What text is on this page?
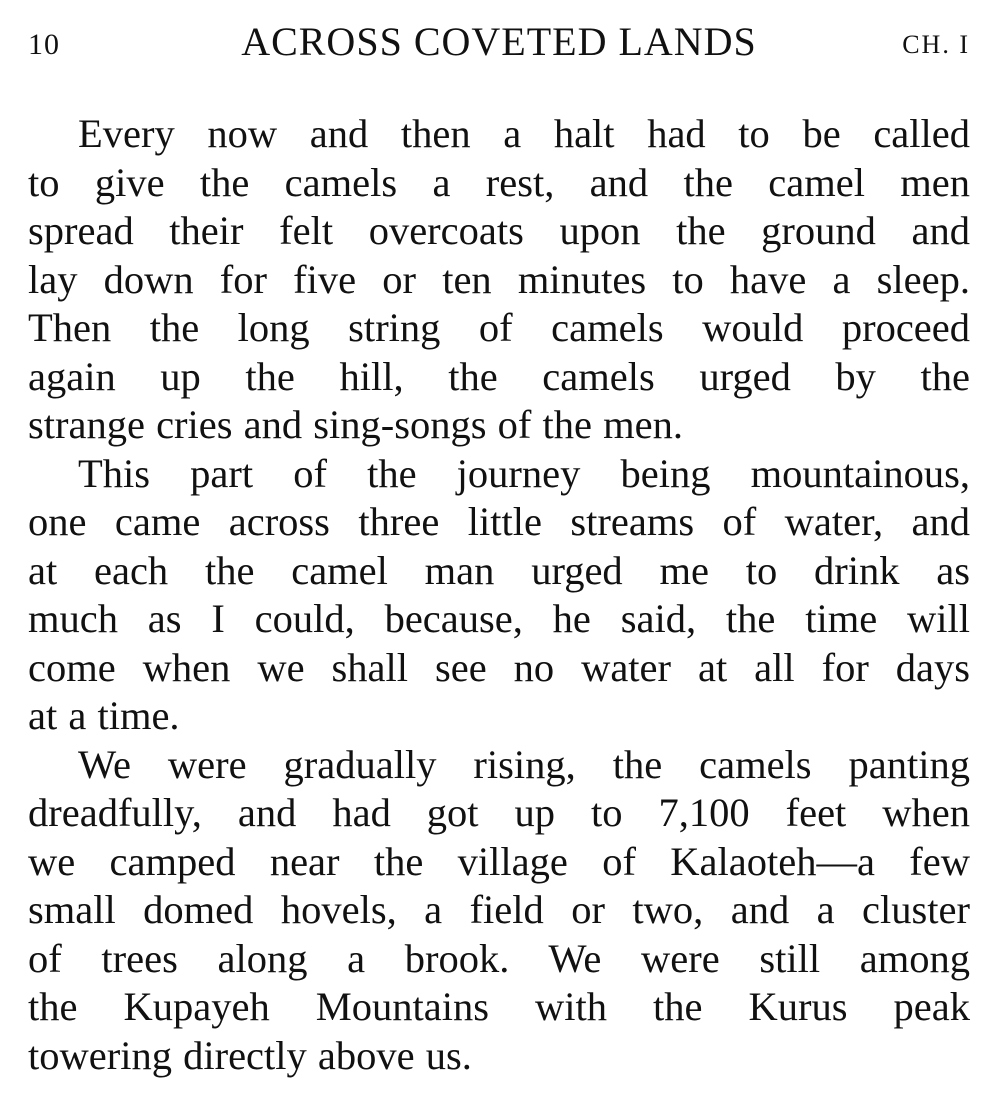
10	ACROSS COVETED LANDS	CH. I

Every now and then a halt had to be called
to give the camels a rest, and the camel men
spread their felt overcoats upon the ground and
lay down for five or ten minutes to have a sleep.
Then the long string of camels would proceed
again up the hill, the camels urged by the
strange cries and sing-songs of the men.

This part of the journey being mountainous,
one came across three little streams of water, and
at each the camel man urged me to drink as
much as I could, because, he said, the time will
come when we shall see no water at all for days
at a time.

We were gradually rising, the camels panting
dreadfully, and had got up to 7,100 feet when
we camped near the village of Kalaoteh—a few
small domed hovels, a field or two, and a cluster
of trees along a brook. We were still among
the Kupayeh Mountains with the Kurus peak
towering directly above us.
